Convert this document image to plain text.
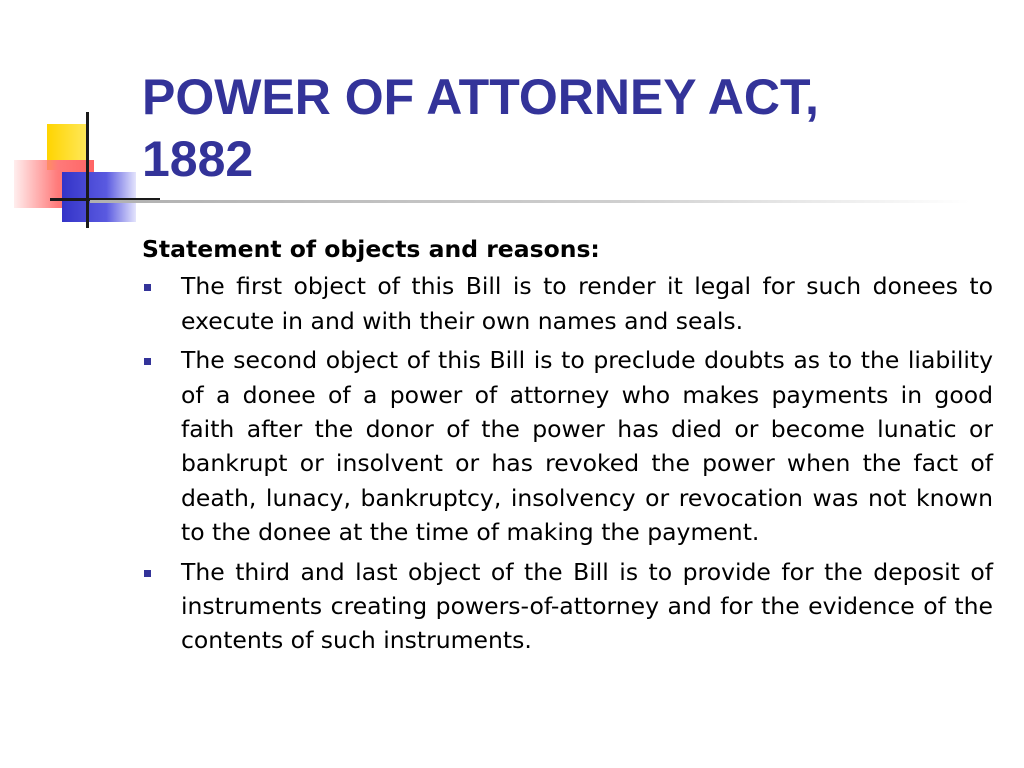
POWER OF ATTORNEY ACT,
1882

Statement of objects and reasons:

The first object of this Bill is to render it legal for such donees to execute in and with their own names and seals.
The second object of this Bill is to preclude doubts as to the liability of a donee of a power of attorney who makes payments in good faith after the donor of the power has died or become lunatic or bankrupt or insolvent or has revoked the power when the fact of death, lunacy, bankruptcy, insolvency or revocation was not known to the donee at the time of making the payment.
The third and last object of the Bill is to provide for the deposit of instruments creating powers-of-attorney and for the evidence of the contents of such instruments.
